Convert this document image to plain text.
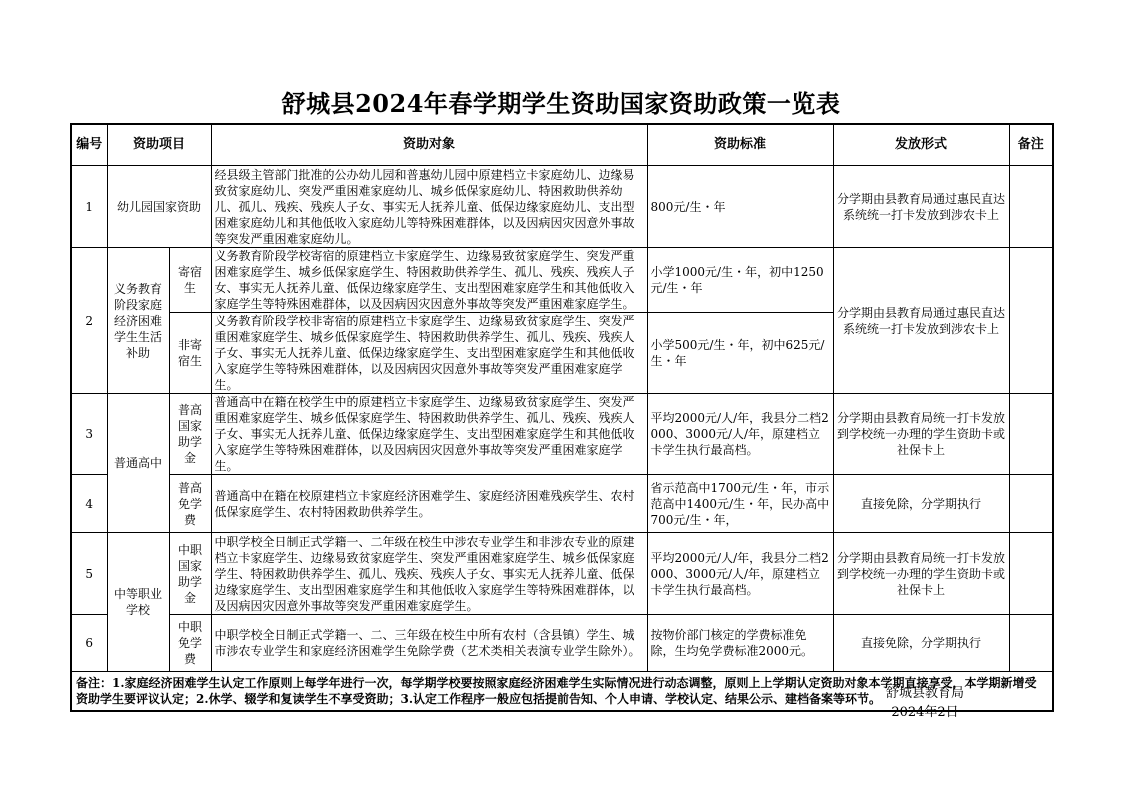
舒城县2024年春学期学生资助国家资助政策一览表
编号	资助项目		资助对象	资助标准	发放形式	备注
1	幼儿园国家资助		经县级主管部门批准的公办幼儿园和普惠幼儿园中原建档立卡家庭幼儿、边缘易致贫家庭幼儿、突发严重困难家庭幼儿、城乡低保家庭幼儿、特困救助供养幼儿、孤儿、残疾、残疾人子女、事实无人抚养儿童、低保边缘家庭幼儿、支出型困难家庭幼儿和其他低收入家庭幼儿等特殊困难群体，以及因病因灾因意外事故等突发严重困难家庭幼儿。	800元/生・年	分学期由县教育局通过惠民直达系统统一打卡发放到涉农卡上	
2	义务教育阶段家庭经济困难学生生活补助	寄宿生	义务教育阶段学校寄宿的原建档立卡家庭学生、边缘易致贫家庭学生、突发严重困难家庭学生、城乡低保家庭学生、特困救助供养学生、孤儿、残疾、残疾人子女、事实无人抚养儿童、低保边缘家庭学生、支出型困难家庭学生和其他低收入家庭学生等特殊困难群体，以及因病因灾因意外事故等突发严重困难家庭学生。	小学1000元/生・年，初中1250元/生・年	分学期由县教育局通过惠民直达系统统一打卡发放到涉农卡上	
		非寄宿生	义务教育阶段学校非寄宿的原建档立卡家庭学生、边缘易致贫家庭学生、突发严重困难家庭学生、城乡低保家庭学生、特困救助供养学生、孤儿、残疾、残疾人子女、事实无人抚养儿童、低保边缘家庭学生、支出型困难家庭学生和其他低收入家庭学生等特殊困难群体，以及因病因灾因意外事故等突发严重困难家庭学生。	小学500元/生・年，初中625元/生・年		
3	普通高中	普高国家助学金	普通高中在籍在校学生中的原建档立卡家庭学生、边缘易致贫家庭学生、突发严重困难家庭学生、城乡低保家庭学生、特困救助供养学生、孤儿、残疾、残疾人子女、事实无人抚养儿童、低保边缘家庭学生、支出型困难家庭学生和其他低收入家庭学生等特殊困难群体，以及因病因灾因意外事故等突发严重困难家庭学生。	平均2000元/人/年，我县分二档2000、3000元/人/年，原建档立卡学生执行最高档。	分学期由县教育局统一打卡发放到学校统一办理的学生资助卡或社保卡上	
4		普高免学费	普通高中在籍在校原建档立卡家庭经济困难学生、家庭经济困难残疾学生、农村低保家庭学生、农村特困救助供养学生。	省示范高中1700元/生・年，市示范高中1400元/生・年，民办高中700元/生・年，	直接免除，分学期执行	
5	中等职业学校	中职国家助学金	中职学校全日制正式学籍一、二年级在校生中涉农专业学生和非涉农专业的原建档立卡家庭学生、边缘易致贫家庭学生、突发严重困难家庭学生、城乡低保家庭学生、特困救助供养学生、孤儿、残疾、残疾人子女、事实无人抚养儿童、低保边缘家庭学生、支出型困难家庭学生和其他低收入家庭学生等特殊困难群体，以及因病因灾因意外事故等突发严重困难家庭学生。	平均2000元/人/年，我县分二档2000、3000元/人/年，原建档立卡学生执行最高档。	分学期由县教育局统一打卡发放到学校统一办理的学生资助卡或社保卡上	
6		中职免学费	中职学校全日制正式学籍一、二、三年级在校生中所有农村（含县镇）学生、城市涉农专业学生和家庭经济困难学生免除学费（艺术类相关表演专业学生除外）。	按物价部门核定的学费标准免除，生均免学费标准2000元。	直接免除，分学期执行	
备注：1.家庭经济困难学生认定工作原则上每学年进行一次，每学期学校要按照家庭经济困难学生实际情况进行动态调整，原则上上学期认定资助对象本学期直接享受，本学期新增受资助学生要评议认定；2.休学、辍学和复读学生不享受资助；3.认定工作程序一般应包括提前告知、个人申请、学校认定、结果公示、建档备案等环节。						舒城县教育局
2024年2日
